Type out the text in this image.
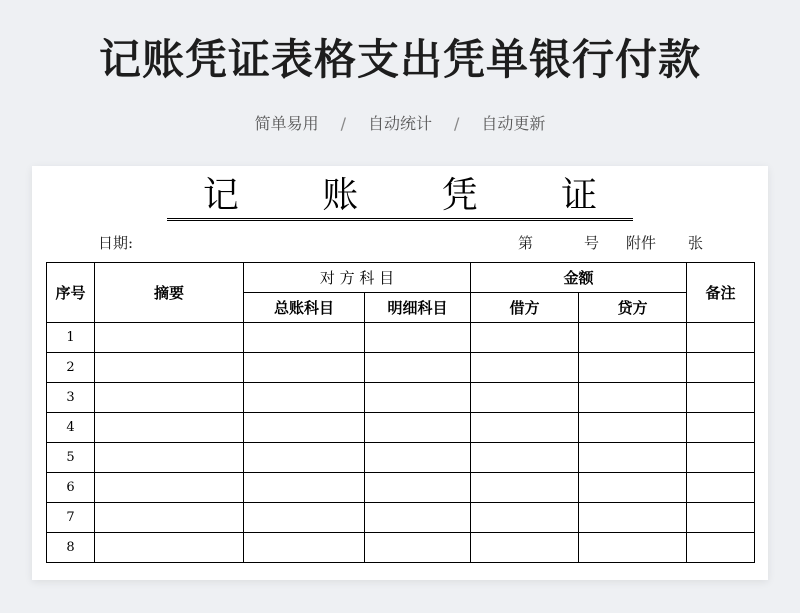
记账凭证表格支出凭单银行付款
简单易用 / 自动统计 / 自动更新
记 账 凭 证
日期:	第	号 附件 张
序号	摘要	对 方 科 目		金额		备注
		总账科目	明细科目	借方	贷方	
1						
2						
3						
4						
5						
6						
7						
8						
